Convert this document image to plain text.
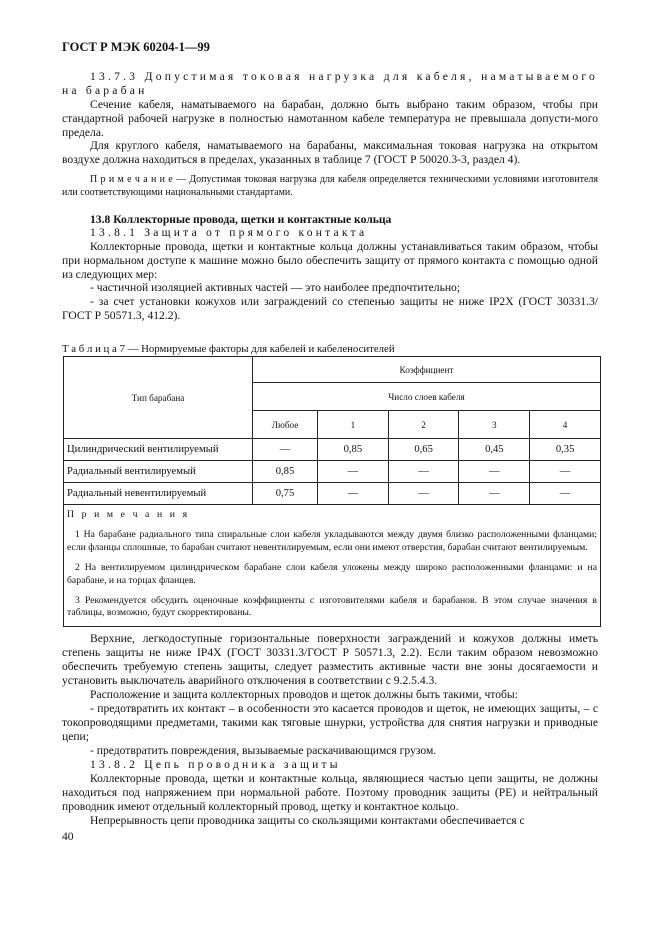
ГОСТ Р МЭК 60204-1—99
13.7.3 Допустимая токовая нагрузка для кабеля, наматываемого на барабан
Сечение кабеля, наматываемого на барабан, должно быть выбрано таким образом, чтобы при стандартной рабочей нагрузке в полностью намотанном кабеле температура не превышала допусти-мого предела.
Для круглого кабеля, наматываемого на барабаны, максимальная токовая нагрузка на открытом воздухе должна находиться в пределах, указанных в таблице 7 (ГОСТ Р 50020.3-3, раздел 4).
П р и м е ч а н и е — Допустимая токовая нагрузка для кабеля определяется техническими условиями изготовителя или соответствующими национальными стандартами.
13.8 Коллекторные провода, щетки и контактные кольца
13.8.1 Защита от прямого контакта
Коллекторные провода, щетки и контактные кольца должны устанавливаться таким образом, чтобы при нормальном доступе к машине можно было обеспечить защиту от прямого контакта с помощью одной из следующих мер:
- частичной изоляцией активных частей — это наиболее предпочтительно;
- за счет установки кожухов или заграждений со степенью защиты не ниже IP2X (ГОСТ 30331.3/ГОСТ Р 50571.3, 412.2).
Т а б л и ц а 7 — Нормируемые факторы для кабелей и кабеленосителей
Тип барабана	Коэффициент				
	Число слоев кабеля				
	Любое	1	2	3	4
Цилиндрический вентилируемый	—	0,85	0,65	0,45	0,35
Радиальный вентилируемый	0,85	—	—	—	—
Радиальный невентилируемый	0,75	—	—	—	—

П р и м е ч а н и я

1 На барабане радиального типа спиральные слои кабеля укладываются между двумя близко расположенными фланцами; если фланцы сплошные, то барабан считают невентилируемым, если они имеют отверстия, барабан считают вентилируемым.

2 На вентилируемом цилиндрическом барабане слои кабеля уложены между широко расположенными фланцами: и на барабане, и на торцах фланцев.

3 Рекомендуется обсудить оценочные коэффициенты с изготовителями кабеля и барабанов. В этом случае значения в таблицы, возможно, будут скорректированы.					

Верхние, легкодоступные горизонтальные поверхности заграждений и кожухов должны иметь степень защиты не ниже IP4X (ГОСТ 30331.3/ГОСТ Р 50571.3, 2.2). Если таким образом невозможно обеспечить требуемую степень защиты, следует разместить активные части вне зоны досягаемости и установить выключатель аварийного отключения в соответствии с 9.2.5.4.3.
Расположение и защита коллекторных проводов и щеток должны быть такими, чтобы:
- предотвратить их контакт – в особенности это касается проводов и щеток, не имеющих защиты, – с токопроводящими предметами, такими как тяговые шнурки, устройства для снятия нагрузки и приводные цепи;
- предотвратить повреждения, вызываемые раскачивающимся грузом.
13.8.2 Цепь проводника защиты
Коллекторные провода, щетки и контактные кольца, являющиеся частью цепи защиты, не должны находиться под напряжением при нормальной работе. Поэтому проводник защиты (PE) и нейтральный проводник имеют отдельный коллекторный провод, щетку и контактное кольцо.
Непрерывность цепи проводника защиты со скользящими контактами обеспечивается с
40
